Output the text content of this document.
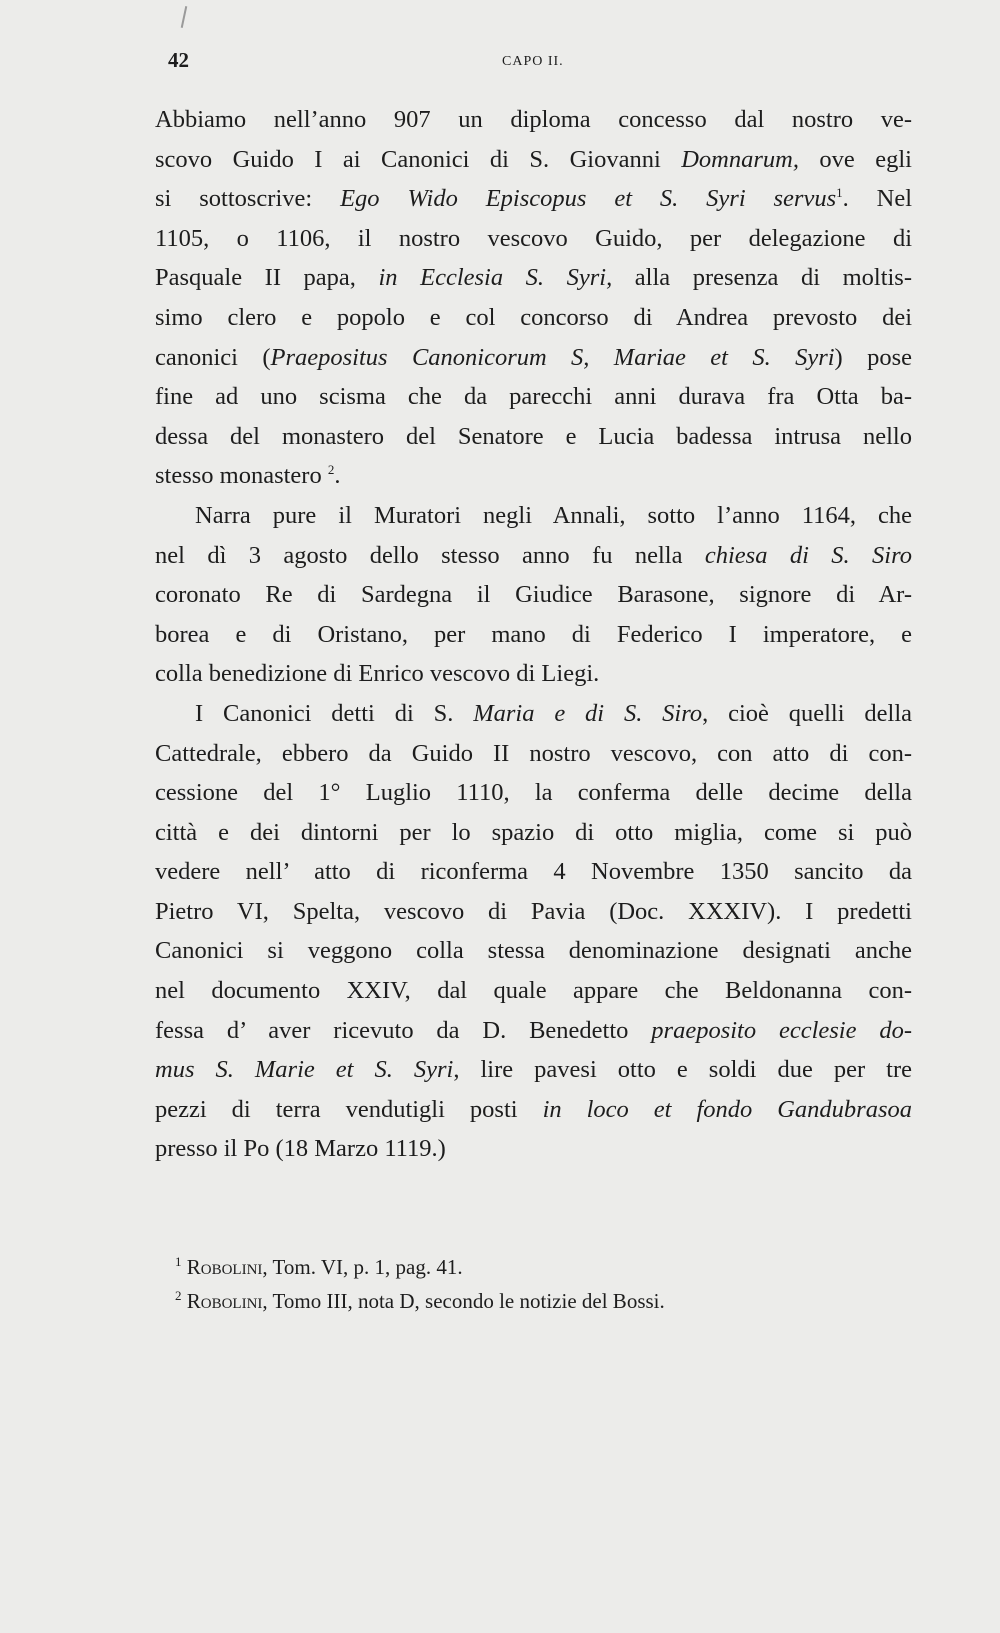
42	CAPO II.
Abbiamo nell’anno 907 un diploma concesso dal nostro ve-
scovo Guido I ai Canonici di S. Giovanni Domnarum, ove egli
si sottoscrive: Ego Wido Episcopus et S. Syri servus$^1$. Nel
1105, o 1106, il nostro vescovo Guido, per delegazione di
Pasquale II papa, in Ecclesia S. Syri, alla presenza di moltis-
simo clero e popolo e col concorso di Andrea prevosto dei
canonici (Praepositus Canonicorum S, Mariae et S. Syri) pose
fine ad uno scisma che da parecchi anni durava fra Otta ba-
dessa del monastero del Senatore e Lucia badessa intrusa nello
stesso monastero $^2$.
Narra pure il Muratori negli Annali, sotto l’anno 1164, che
nel dì 3 agosto dello stesso anno fu nella chiesa di S. Siro
coronato Re di Sardegna il Giudice Barasone, signore di Ar-
borea e di Oristano, per mano di Federico I imperatore, e
colla benedizione di Enrico vescovo di Liegi.
I Canonici detti di S. Maria e di S. Siro, cioè quelli della
Cattedrale, ebbero da Guido II nostro vescovo, con atto di con-
cessione del 1° Luglio 1110, la conferma delle decime della
città e dei dintorni per lo spazio di otto miglia, come si può
vedere nell’ atto di riconferma 4 Novembre 1350 sancito da
Pietro VI, Spelta, vescovo di Pavia (Doc. XXXIV). I predetti
Canonici si veggono colla stessa denominazione designati anche
nel documento XXIV, dal quale appare che Beldonanna con-
fessa d’ aver ricevuto da D. Benedetto praeposito ecclesie do-
mus S. Marie et S. Syri, lire pavesi otto e soldi due per tre
pezzi di terra vendutigli posti in loco et fondo Gandubrasoa
presso il Po (18 Marzo 1119.)
$^1$ Robolini, Tom. VI, p. 1, pag. 41.
$^2$ Robolini, Tomo III, nota D, secondo le notizie del Bossi.
